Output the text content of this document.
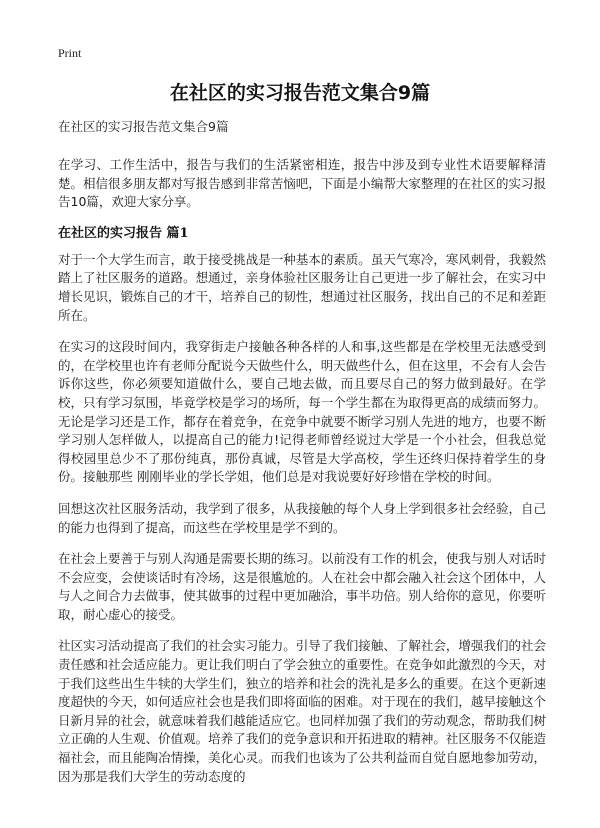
Print
在社区的实习报告范文集合9篇

在社区的实习报告范文集合9篇

在学习、工作生活中，报告与我们的生活紧密相连，报告中涉及到专业性术语要解释清楚。相信很多朋友都对写报告感到非常苦恼吧，下面是小编帮大家整理的在社区的实习报告10篇，欢迎大家分享。

在社区的实习报告 篇1

对于一个大学生而言，敢于接受挑战是一种基本的素质。虽天气寒冷，寒风刺骨，我毅然踏上了社区服务的道路。想通过，亲身体验社区服务让自己更进一步了解社会，在实习中增长见识，锻炼自己的才干，培养自己的韧性，想通过社区服务，找出自己的不足和差距所在。

在实习的这段时间内，我穿街走户接触各种各样的人和事,这些都是在学校里无法感受到的，在学校里也许有老师分配说今天做些什么，明天做些什么，但在这里，不会有人会告诉你这些，你必须要知道做什么，要自己地去做，而且要尽自己的努力做到最好。在学校，只有学习氛围，毕竟学校是学习的场所，每一个学生都在为取得更高的成绩而努力。无论是学习还是工作，都存在着竞争，在竞争中就要不断学习别人先进的地方，也要不断学习别人怎样做人，以提高自己的能力!记得老师曾经说过大学是一个小社会，但我总觉得校园里总少不了那份纯真，那份真诚，尽管是大学高校，学生还终归保持着学生的身份。接触那些 刚刚毕业的学长学姐，他们总是对我说要好好珍惜在学校的时间。

回想这次社区服务活动，我学到了很多，从我接触的每个人身上学到很多社会经验，自己的能力也得到了提高，而这些在学校里是学不到的。

在社会上要善于与别人沟通是需要长期的练习。以前没有工作的机会，使我与别人对话时不会应变，会使谈话时有冷场，这是很尴尬的。人在社会中都会融入社会这个团体中，人与人之间合力去做事，使其做事的过程中更加融洽，事半功倍。别人给你的意见，你要听取，耐心虚心的接受。

社区实习活动提高了我们的社会实习能力。引导了我们接触、了解社会，增强我们的社会责任感和社会适应能力。更让我们明白了学会独立的重要性。在竞争如此激烈的今天，对于我们这些出生牛犊的大学生们，独立的培养和社会的洗礼是多么的重要。在这个更新速度超快的今天，如何适应社会也是我们即将面临的困难。对于现在的我们，越早接触这个日新月异的社会，就意味着我们越能适应它。也同样加强了我们的劳动观念，帮助我们树立正确的人生观、价值观。培养了我们的竞争意识和开拓进取的精神。社区服务不仅能造福社会，而且能陶冶情操，美化心灵。而我们也该为了公共利益而自觉自愿地参加劳动，因为那是我们大学生的劳动态度的
